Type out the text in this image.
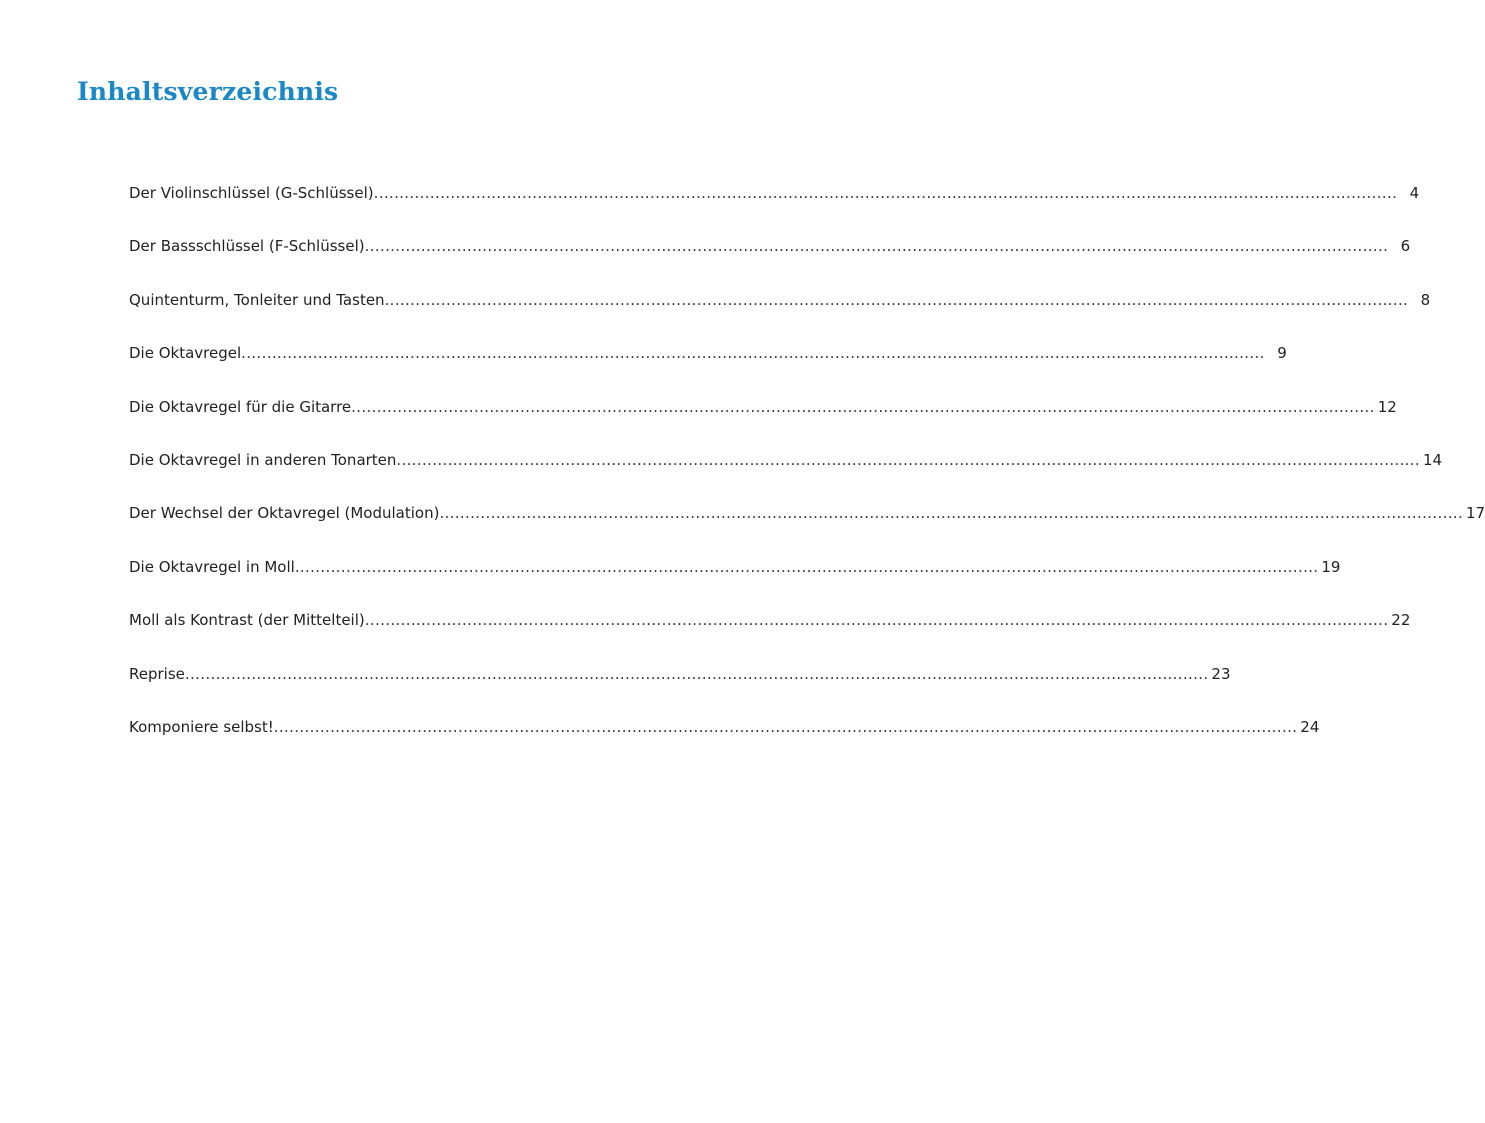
Inhaltsverzeichnis
Der Violinschlüssel (G-Schlüssel) ........................................................................................................................................................................................................ 4
Der Bassschlüssel (F-Schlüssel) ........................................................................................................................................................................................................ 6
Quintenturm, Tonleiter und Tasten ........................................................................................................................................................................................................ 8
Die Oktavregel ........................................................................................................................................................................................................ 9
Die Oktavregel für die Gitarre ........................................................................................................................................................................................................ 12
Die Oktavregel in anderen Tonarten ........................................................................................................................................................................................................ 14
Der Wechsel der Oktavregel (Modulation) ........................................................................................................................................................................................................ 17
Die Oktavregel in Moll ........................................................................................................................................................................................................ 19
Moll als Kontrast (der Mittelteil) ........................................................................................................................................................................................................ 22
Reprise ........................................................................................................................................................................................................ 23
Komponiere selbst! ........................................................................................................................................................................................................ 24
